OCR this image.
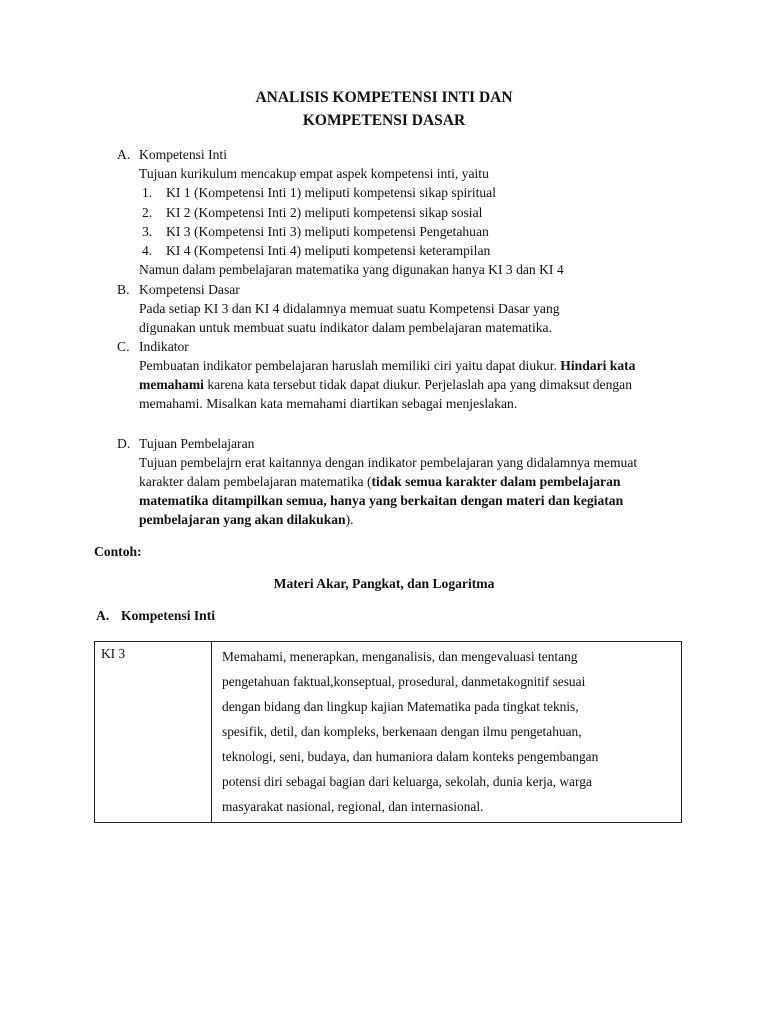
ANALISIS KOMPETENSI INTI DAN
KOMPETENSI DASAR
A. Kompetensi Inti
Tujuan kurikulum mencakup empat aspek kompetensi inti, yaitu
1. KI 1 (Kompetensi Inti 1) meliputi kompetensi sikap spiritual
2. KI 2 (Kompetensi Inti 2) meliputi kompetensi sikap sosial
3. KI 3 (Kompetensi Inti 3) meliputi kompetensi Pengetahuan
4. KI 4 (Kompetensi Inti 4) meliputi kompetensi keterampilan
Namun dalam pembelajaran matematika yang digunakan hanya KI 3 dan KI 4
B. Kompetensi Dasar
Pada setiap KI 3 dan KI 4 didalamnya memuat suatu Kompetensi Dasar yang
digunakan untuk membuat suatu indikator dalam pembelajaran matematika.
C. Indikator
Pembuatan indikator pembelajaran haruslah memiliki ciri yaitu dapat diukur. Hindari kata memahami karena kata tersebut tidak dapat diukur. Perjelaslah apa yang dimaksut dengan memahami. Misalkan kata memahami diartikan sebagai menjeslakan.
D. Tujuan Pembelajaran
Tujuan pembelajrn erat kaitannya dengan indikator pembelajaran yang didalamnya memuat karakter dalam pembelajaran matematika (tidak semua karakter dalam pembelajaran matematika ditampilkan semua, hanya yang berkaitan dengan materi dan kegiatan pembelajaran yang akan dilakukan).
Contoh:
Materi Akar, Pangkat, dan Logaritma
A. Kompetensi Inti
KI 3	Memahami, menerapkan, menganalisis, dan mengevaluasi tentang
pengetahuan faktual,konseptual, prosedural, danmetakognitif sesuai
dengan bidang dan lingkup kajian Matematika pada tingkat teknis,
spesifik, detil, dan kompleks, berkenaan dengan ilmu pengetahuan,
teknologi, seni, budaya, dan humaniora dalam konteks pengembangan
potensi diri sebagai bagian dari keluarga, sekolah, dunia kerja, warga
masyarakat nasional, regional, dan internasional.
